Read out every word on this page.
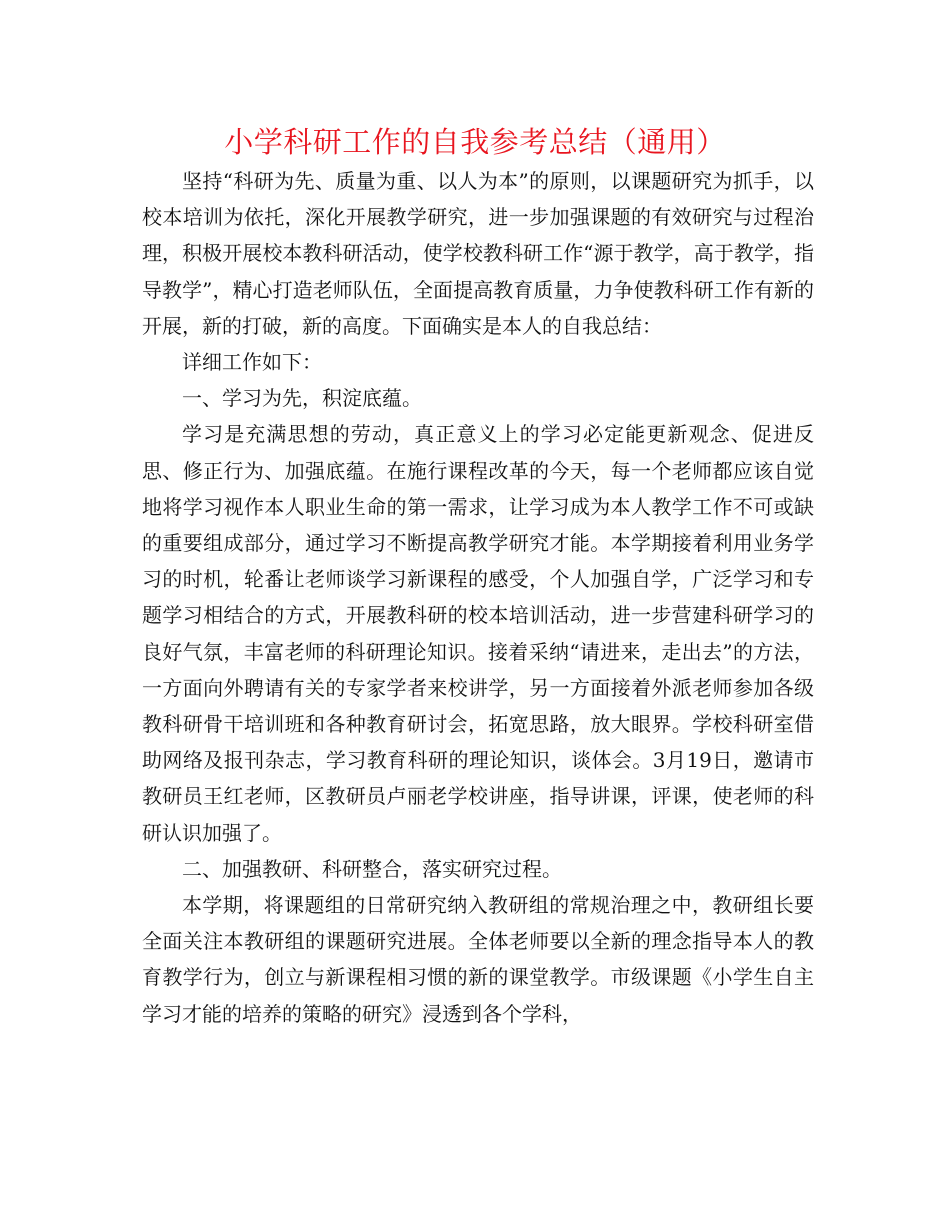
小学科研工作的自我参考总结（通用）

坚持“科研为先、质量为重、以人为本”的原则，以课题研究为抓手，以校本培训为依托，深化开展教学研究，进一步加强课题的有效研究与过程治理，积极开展校本教科研活动，使学校教科研工作“源于教学，高于教学，指导教学”，精心打造老师队伍，全面提高教育质量，力争使教科研工作有新的开展，新的打破，新的高度。下面确实是本人的自我总结：

详细工作如下：

一、学习为先，积淀底蕴。

学习是充满思想的劳动，真正意义上的学习必定能更新观念、促进反思、修正行为、加强底蕴。在施行课程改革的今天，每一个老师都应该自觉地将学习视作本人职业生命的第一需求，让学习成为本人教学工作不可或缺的重要组成部分，通过学习不断提高教学研究才能。本学期接着利用业务学习的时机，轮番让老师谈学习新课程的感受，个人加强自学，广泛学习和专题学习相结合的方式，开展教科研的校本培训活动，进一步营建科研学习的良好气氛，丰富老师的科研理论知识。接着采纳“请进来，走出去”的方法，一方面向外聘请有关的专家学者来校讲学，另一方面接着外派老师参加各级教科研骨干培训班和各种教育研讨会，拓宽思路，放大眼界。学校科研室借助网络及报刊杂志，学习教育科研的理论知识，谈体会。3月19日，邀请市教研员王红老师，区教研员卢丽老学校讲座，指导讲课，评课，使老师的科研认识加强了。

二、加强教研、科研整合，落实研究过程。

本学期，将课题组的日常研究纳入教研组的常规治理之中，教研组长要全面关注本教研组的课题研究进展。全体老师要以全新的理念指导本人的教育教学行为，创立与新课程相习惯的新的课堂教学。市级课题《小学生自主学习才能的培养的策略的研究》浸透到各个学科，
